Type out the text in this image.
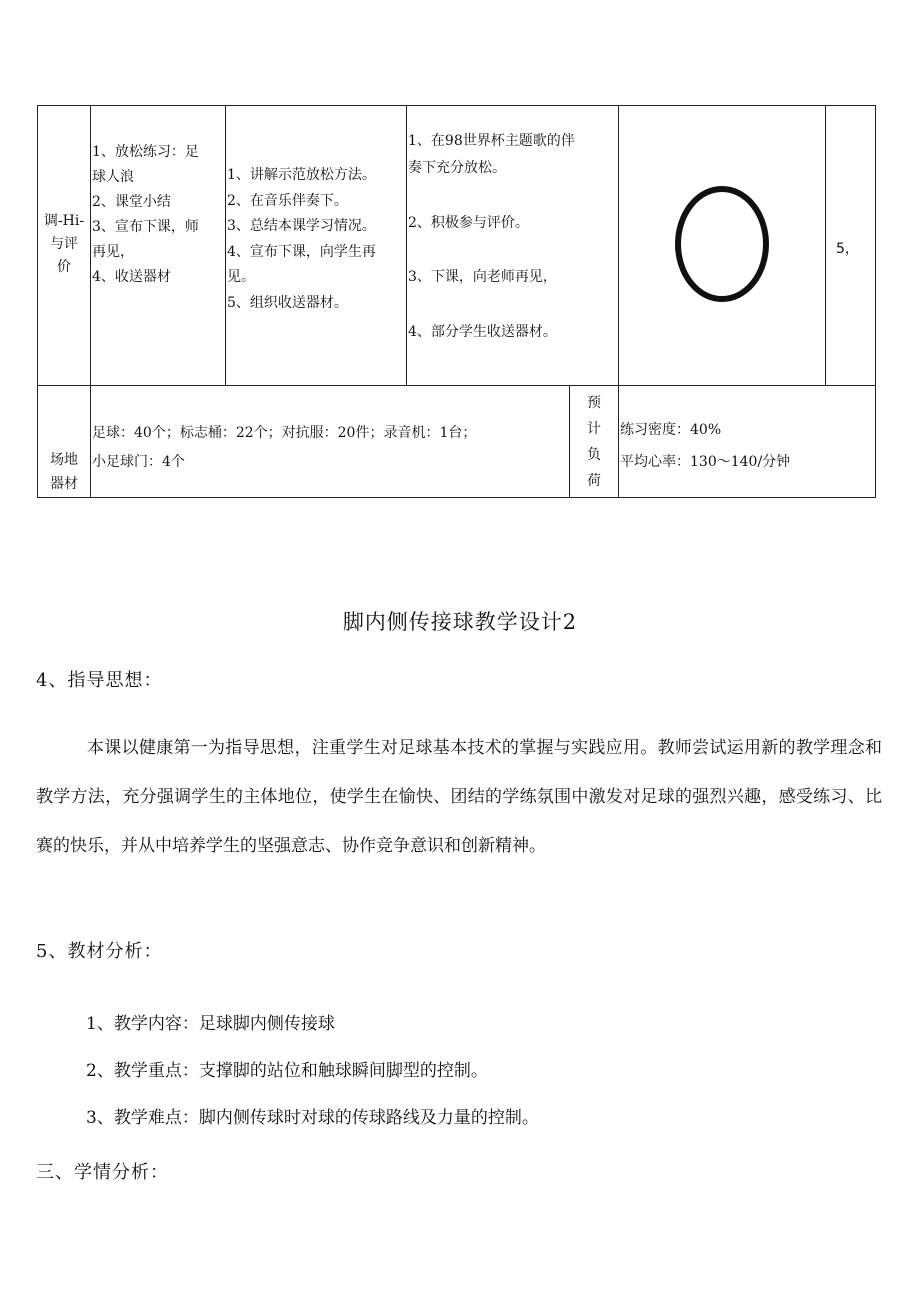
调-Hi-
与评
价
1、放松练习：足
球人浪
2、课堂小结
3、宣布下课，师
再见，
4、收送器材
1、讲解示范放松方法。
2、在音乐伴奏下。
3、总结本课学习情况。
4、宣布下课，向学生再
见。
5、组织收送器材。
1、在98世界杯主题歌的伴
奏下充分放松。

2、积极参与评价。

3、下课，向老师再见，

4、部分学生收送器材。
5，
场地
器材
足球：40个；标志桶：22个；对抗服：20件；录音机：1台；
小足球门：4个
预
计
负
荷
练习密度：40%
平均心率：130～140/分钟
脚内侧传接球教学设计2
4、指导思想：
本课以健康第一为指导思想，注重学生对足球基本技术的掌握与实践应用。教师尝试运用新的教学理念和教学方法，充分强调学生的主体地位，使学生在愉快、团结的学练氛围中激发对足球的强烈兴趣，感受练习、比赛的快乐，并从中培养学生的坚强意志、协作竞争意识和创新精神。
5、教材分析：
1、教学内容：足球脚内侧传接球
2、教学重点：支撑脚的站位和触球瞬间脚型的控制。
3、教学难点：脚内侧传球时对球的传球路线及力量的控制。
三、学情分析：
